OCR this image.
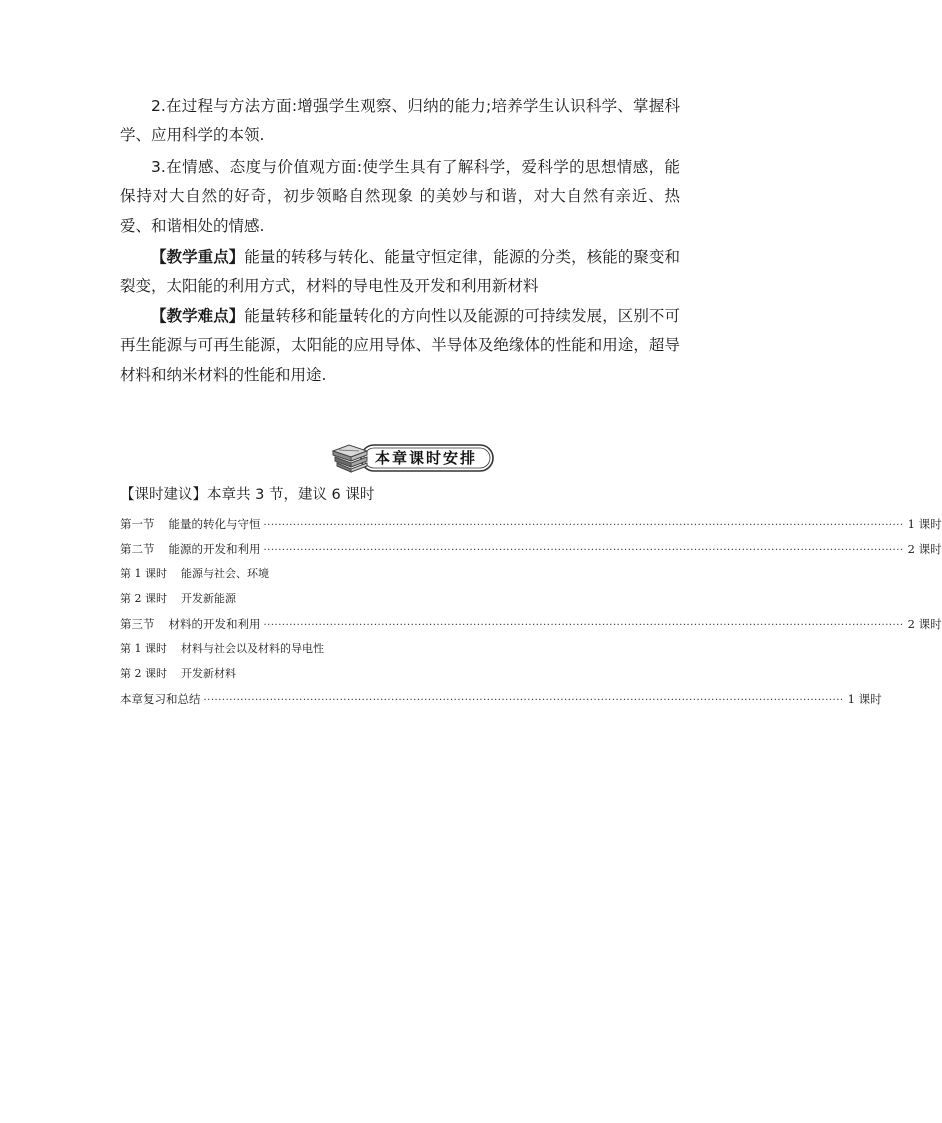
2.在过程与方法方面:增强学生观察、归纳的能力;培养学生认识科学、掌握科学、应用科学的本领.

3.在情感、态度与价值观方面:使学生具有了解科学，爱科学的思想情感，能保持对大自然的好奇，初步领略自然现象 的美妙与和谐，对大自然有亲近、热爱、和谐相处的情感.

【教学重点】能量的转移与转化、能量守恒定律，能源的分类，核能的聚变和裂变，太阳能的利用方式，材料的导电性及开发和利用新材料

【教学难点】能量转移和能量转化的方向性以及能源的可持续发展，区别不可再生能源与可再生能源，太阳能的应用导体、半导体及绝缘体的性能和用途，超导材料和纳米材料的性能和用途.

本章课时安排
【课时建议】本章共 3 节，建议 6 课时
第一节 能量的转化与守恒 ·············································································································································································· 1 课时
第二节 能源的开发和利用 ·············································································································································································· 2 课时
第 1 课时 能源与社会、环境
第 2 课时 开发新能源
第三节 材料的开发和利用 ·············································································································································································· 2 课时
第 1 课时 材料与社会以及材料的导电性
第 2 课时 开发新材料
本章复习和总结 ·············································································································································································· 1 课时
